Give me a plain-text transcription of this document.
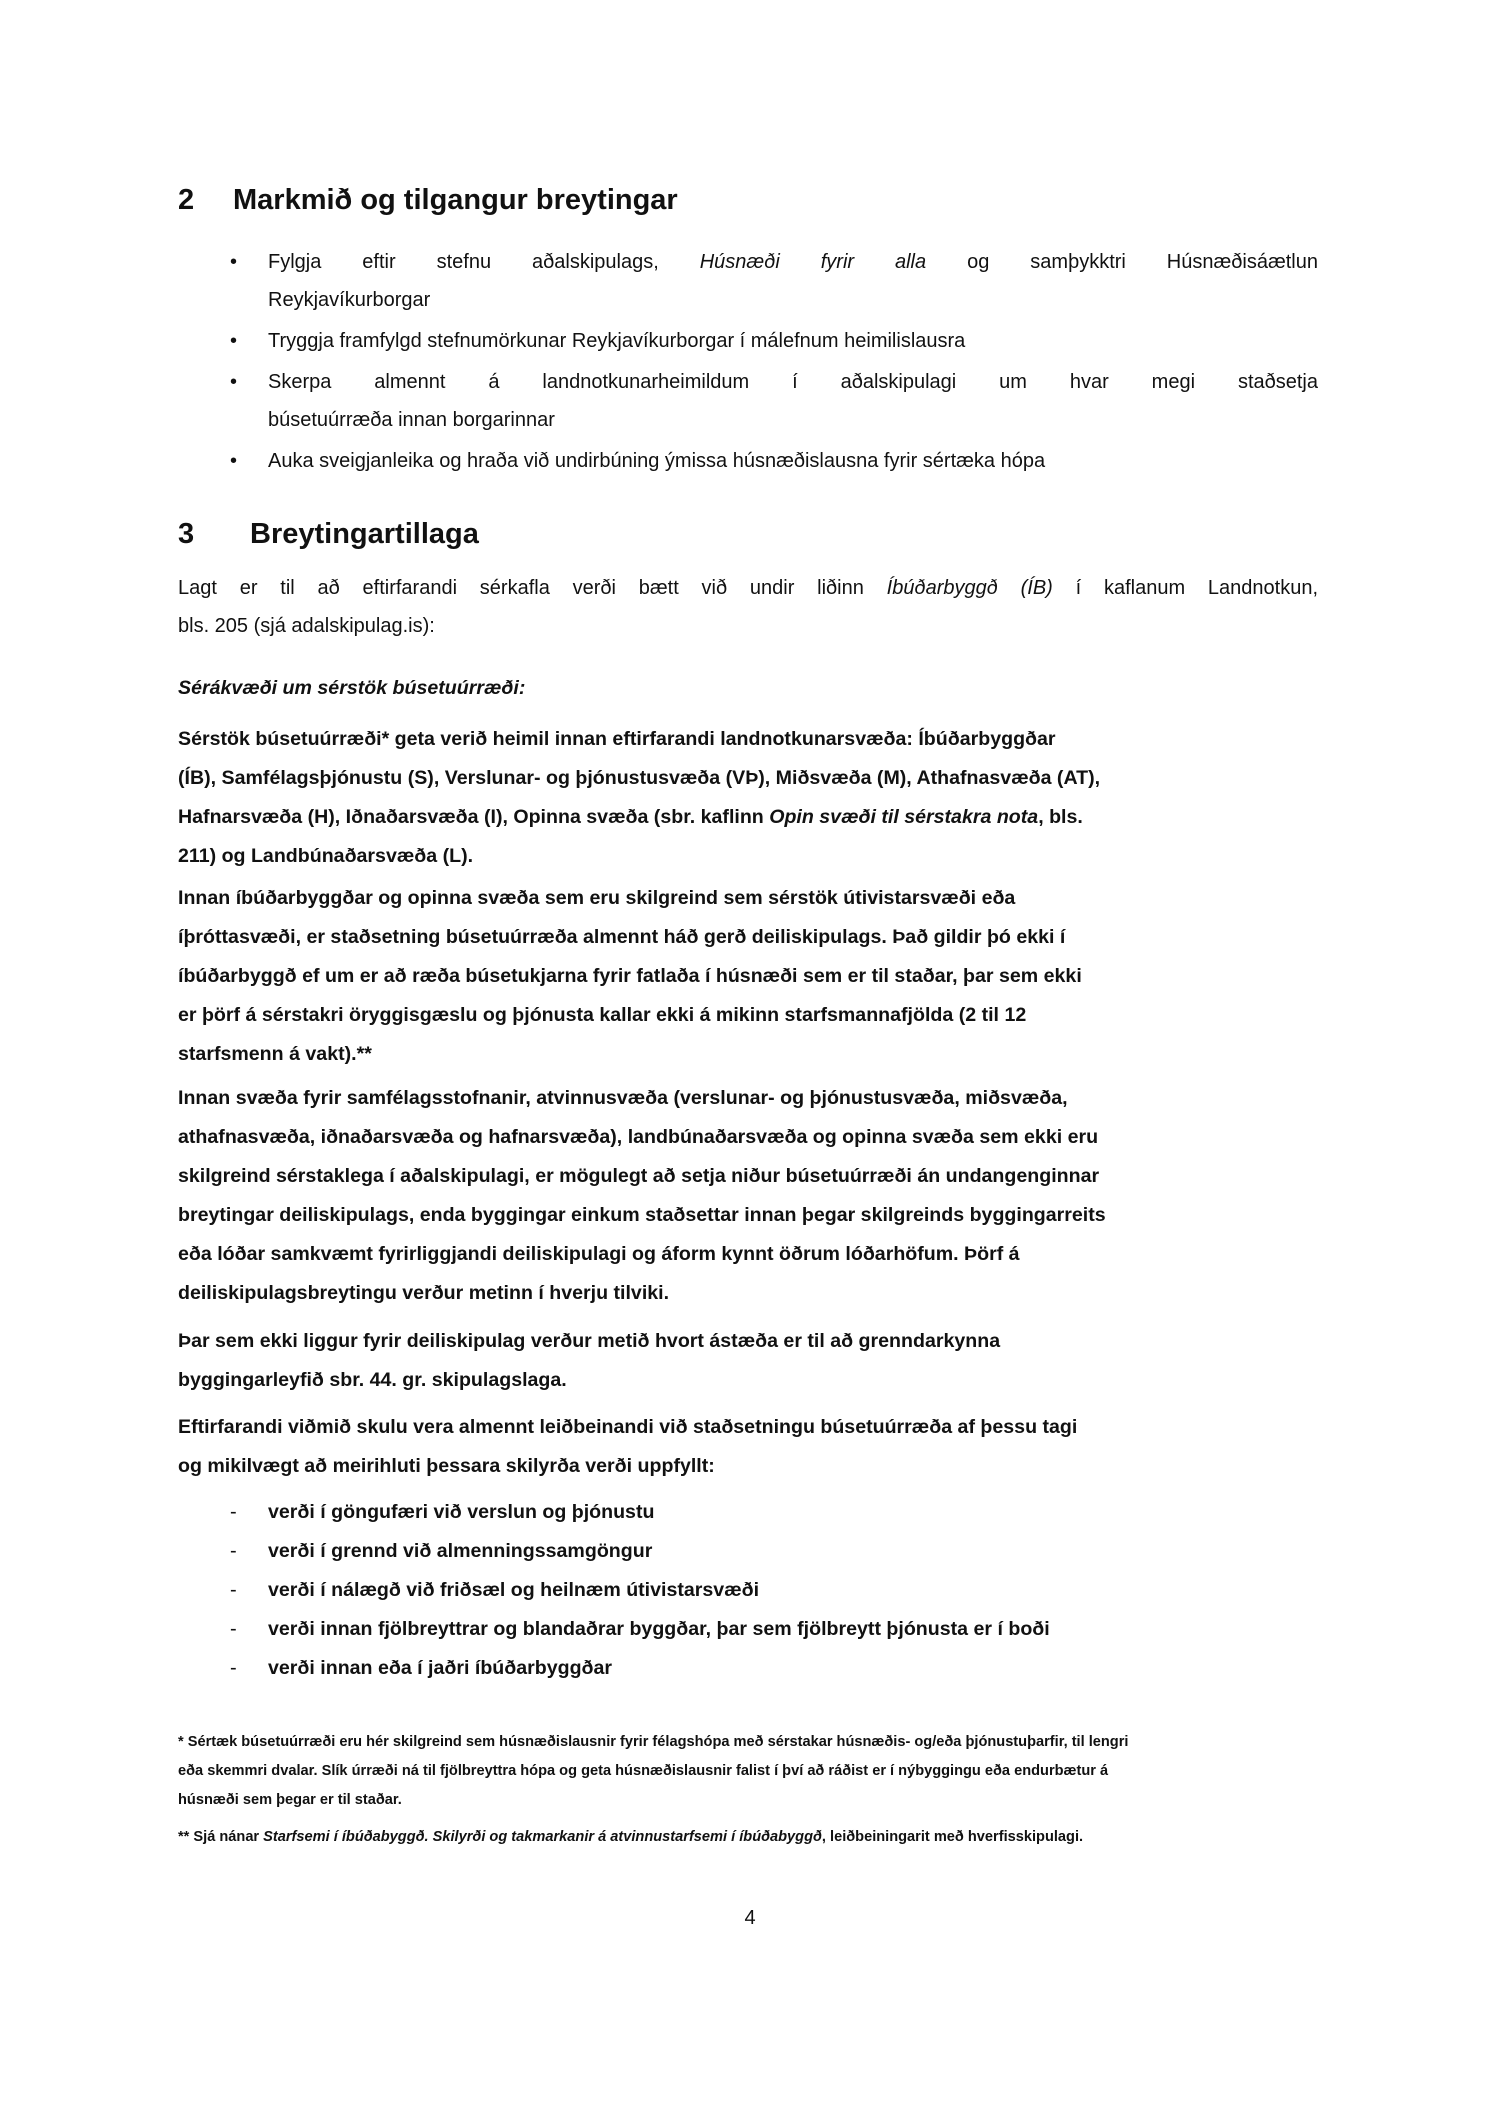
2 Markmið og tilgangur breytingar
• Fylgja eftir stefnu aðalskipulags, Húsnæði fyrir alla og samþykktri Húsnæðisáætlun
Reykjavíkurborgar
• Tryggja framfylgd stefnumörkunar Reykjavíkurborgar í málefnum heimilislausra
• Skerpa almennt á landnotkunarheimildum í aðalskipulagi um hvar megi staðsetja
búsetuúrræða innan borgarinnar
• Auka sveigjanleika og hraða við undirbúning ýmissa húsnæðislausna fyrir sértæka hópa
3 Breytingartillaga
Lagt er til að eftirfarandi sérkafla verði bætt við undir liðinn Íbúðarbyggð (ÍB) í kaflanum Landnotkun,
bls. 205 (sjá adalskipulag.is):
Sérákvæði um sérstök búsetuúrræði:
Sérstök búsetuúrræði* geta verið heimil innan eftirfarandi landnotkunarsvæða: Íbúðarbyggðar
(ÍB), Samfélagsþjónustu (S), Verslunar- og þjónustusvæða (VÞ), Miðsvæða (M), Athafnasvæða (AT),
Hafnarsvæða (H), Iðnaðarsvæða (I), Opinna svæða (sbr. kaflinn Opin svæði til sérstakra nota, bls.
211) og Landbúnaðarsvæða (L).
Innan íbúðarbyggðar og opinna svæða sem eru skilgreind sem sérstök útivistarsvæði eða
íþróttasvæði, er staðsetning búsetuúrræða almennt háð gerð deiliskipulags. Það gildir þó ekki í
íbúðarbyggð ef um er að ræða búsetukjarna fyrir fatlaða í húsnæði sem er til staðar, þar sem ekki
er þörf á sérstakri öryggisgæslu og þjónusta kallar ekki á mikinn starfsmannafjölda (2 til 12
starfsmenn á vakt).**
Innan svæða fyrir samfélagsstofnanir, atvinnusvæða (verslunar- og þjónustusvæða, miðsvæða,
athafnasvæða, iðnaðarsvæða og hafnarsvæða), landbúnaðarsvæða og opinna svæða sem ekki eru
skilgreind sérstaklega í aðalskipulagi, er mögulegt að setja niður búsetuúrræði án undangenginnar
breytingar deiliskipulags, enda byggingar einkum staðsettar innan þegar skilgreinds byggingarreits
eða lóðar samkvæmt fyrirliggjandi deiliskipulagi og áform kynnt öðrum lóðarhöfum. Þörf á
deiliskipulagsbreytingu verður metinn í hverju tilviki.
Þar sem ekki liggur fyrir deiliskipulag verður metið hvort ástæða er til að grenndarkynna
byggingarleyfið sbr. 44. gr. skipulagslaga.
Eftirfarandi viðmið skulu vera almennt leiðbeinandi við staðsetningu búsetuúrræða af þessu tagi
og mikilvægt að meirihluti þessara skilyrða verði uppfyllt:
- verði í göngufæri við verslun og þjónustu
- verði í grennd við almenningssamgöngur
- verði í nálægð við friðsæl og heilnæm útivistarsvæði
- verði innan fjölbreyttrar og blandaðrar byggðar, þar sem fjölbreytt þjónusta er í boði
- verði innan eða í jaðri íbúðarbyggðar
* Sértæk búsetuúrræði eru hér skilgreind sem húsnæðislausnir fyrir félagshópa með sérstakar húsnæðis- og/eða þjónustuþarfir, til lengri
eða skemmri dvalar. Slík úrræði ná til fjölbreyttra hópa og geta húsnæðislausnir falist í því að ráðist er í nýbyggingu eða endurbætur á
húsnæði sem þegar er til staðar.
** Sjá nánar Starfsemi í íbúðabyggð. Skilyrði og takmarkanir á atvinnustarfsemi í íbúðabyggð, leiðbeiningarit með hverfisskipulagi.
4
